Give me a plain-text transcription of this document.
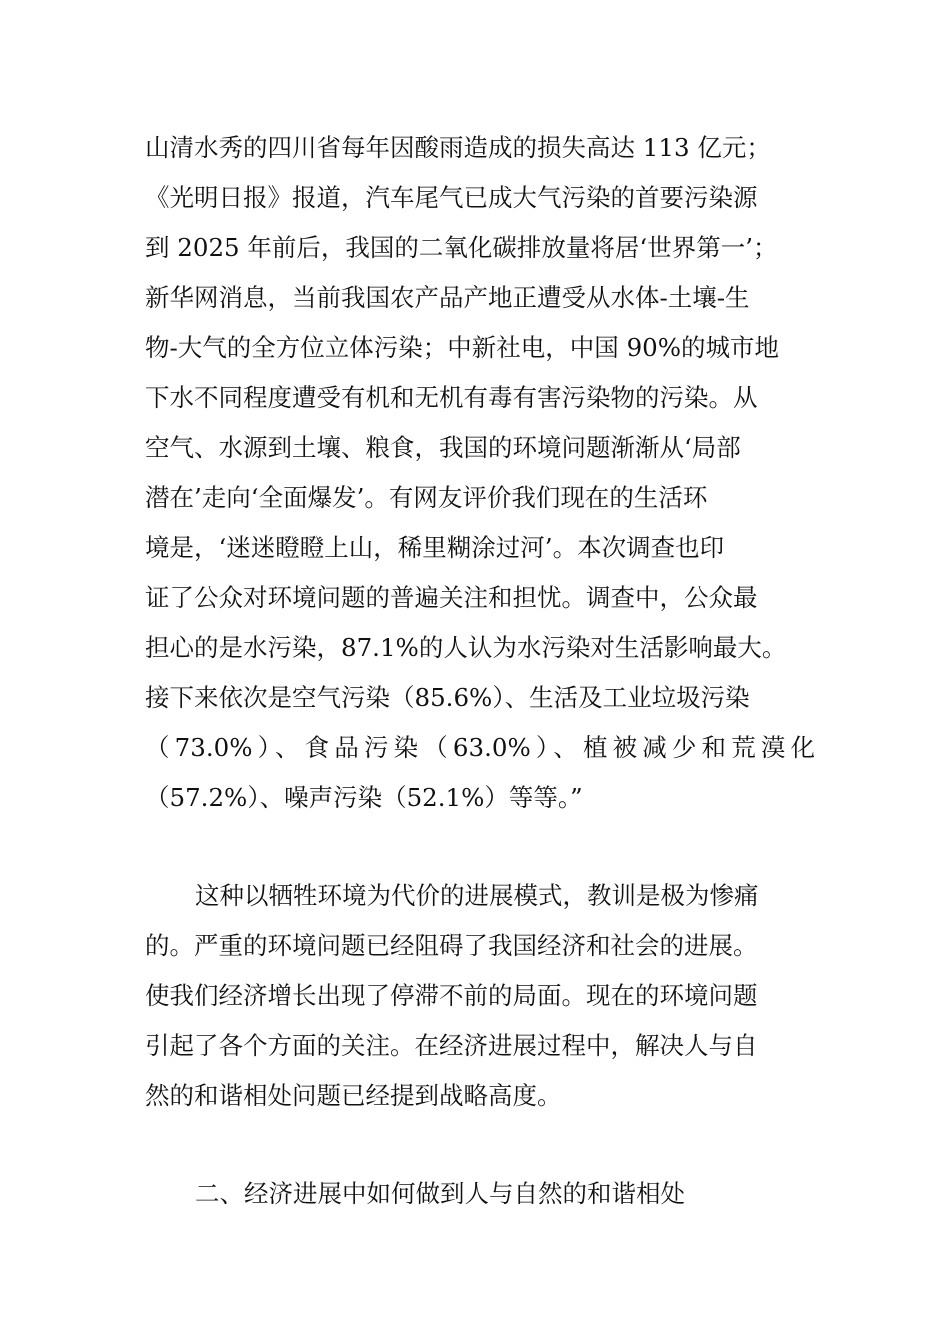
山清水秀的四川省每年因酸雨造成的损失高达 113 亿元；
《光明日报》报道，汽车尾气已成大气污染的首要污染源
到 2025 年前后，我国的二氧化碳排放量将居‘世界第一’；
新华网消息，当前我国农产品产地正遭受从水体-土壤-生
物-大气的全方位立体污染；中新社电，中国 90%的城市地
下水不同程度遭受有机和无机有毒有害污染物的污染。从
空气、水源到土壤、粮食，我国的环境问题渐渐从‘局部
潜在’走向‘全面爆发’。有网友评价我们现在的生活环
境是，‘迷迷瞪瞪上山，稀里糊涂过河’。本次调查也印
证了公众对环境问题的普遍关注和担忧。调查中，公众最
担心的是水污染，87.1%的人认为水污染对生活影响最大。
接下来依次是空气污染（85.6%）、生活及工业垃圾污染
（73.0%）、食品污染（63.0%）、植被减少和荒漠化
（57.2%）、噪声污染（52.1%）等等。”
这种以牺牲环境为代价的进展模式，教训是极为惨痛
的。严重的环境问题已经阻碍了我国经济和社会的进展。
使我们经济增长出现了停滞不前的局面。现在的环境问题
引起了各个方面的关注。在经济进展过程中，解决人与自
然的和谐相处问题已经提到战略高度。
二、经济进展中如何做到人与自然的和谐相处
